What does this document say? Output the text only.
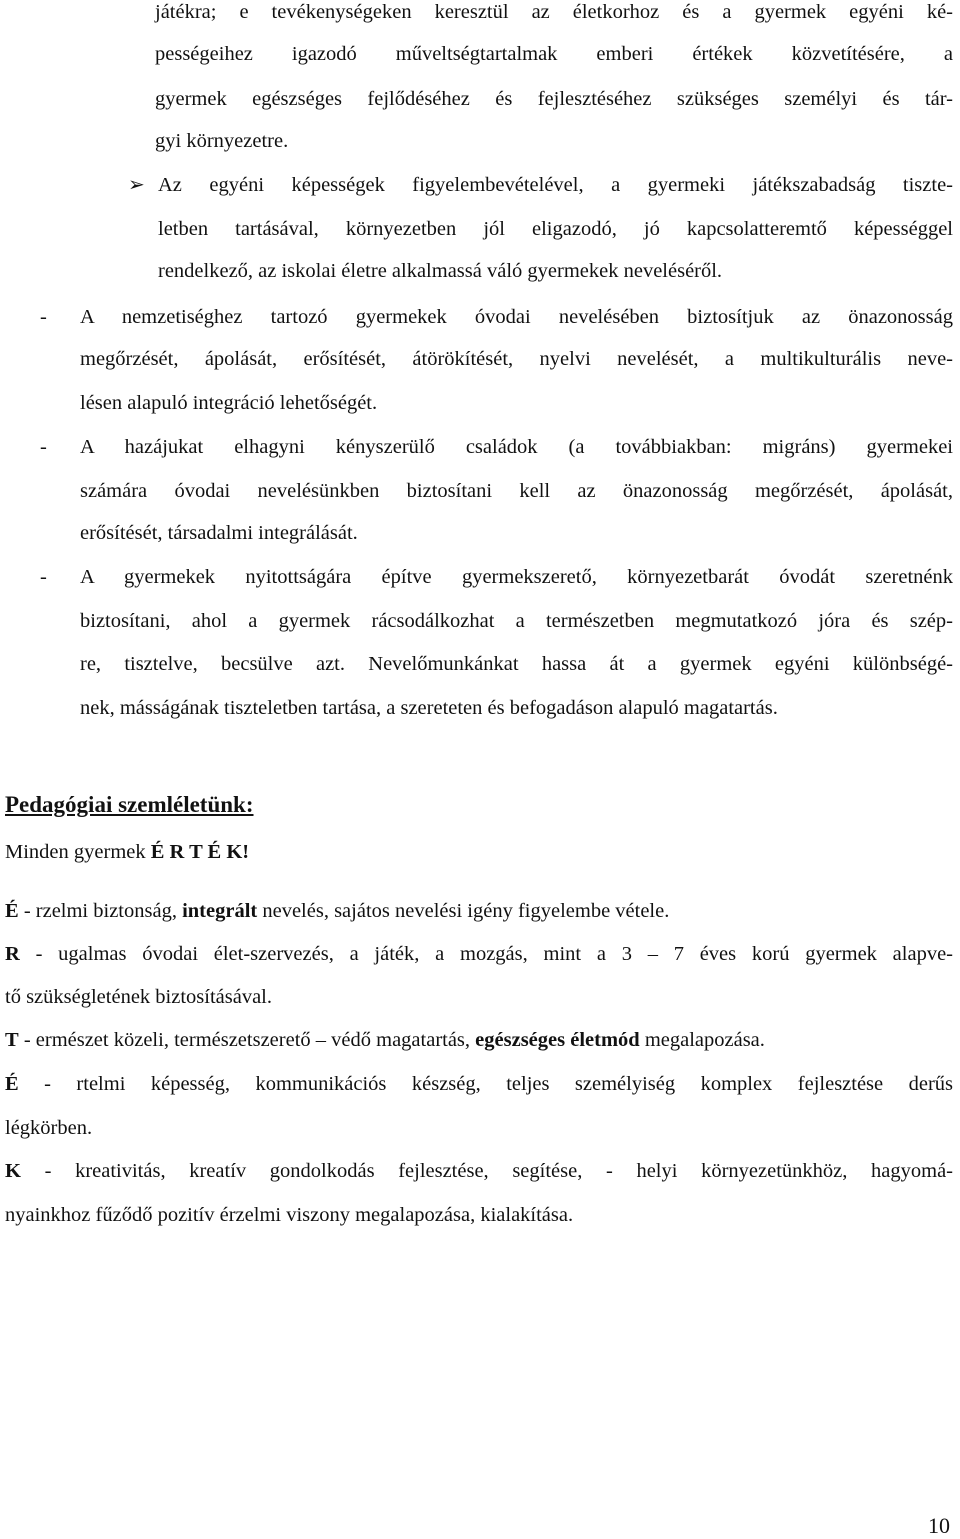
játékra; e tevékenységeken keresztül az életkorhoz és a gyermek egyéni ké-
pességeihez igazodó műveltségtartalmak emberi értékek közvetítésére, a
gyermek egészséges fejlődéséhez és fejlesztéséhez szükséges személyi és tár-
gyi környezetre.
➢ Az egyéni képességek figyelembevételével, a gyermeki játékszabadság tiszte-
letben tartásával, környezetben jól eligazodó, jó kapcsolatteremtő képességgel
rendelkező, az iskolai életre alkalmassá váló gyermekek neveléséről.
- A nemzetiséghez tartozó gyermekek óvodai nevelésében biztosítjuk az önazonosság
megőrzését, ápolását, erősítését, átörökítését, nyelvi nevelését, a multikulturális neve-
lésen alapuló integráció lehetőségét.
- A hazájukat elhagyni kényszerülő családok (a továbbiakban: migráns) gyermekei
számára óvodai nevelésünkben biztosítani kell az önazonosság megőrzését, ápolását,
erősítését, társadalmi integrálását.
- A gyermekek nyitottságára építve gyermekszerető, környezetbarát óvodát szeretnénk
biztosítani, ahol a gyermek rácsodálkozhat a természetben megmutatkozó jóra és szép-
re, tisztelve, becsülve azt. Nevelőmunkánkat hassa át a gyermek egyéni különbségé-
nek, másságának tiszteletben tartása, a szereteten és befogadáson alapuló magatartás.
Pedagógiai szemléletünk:
Minden gyermek É R T É K!
É - rzelmi biztonság, integrált nevelés, sajátos nevelési igény figyelembe vétele.
R - ugalmas óvodai élet-szervezés, a játék, a mozgás, mint a 3 – 7 éves korú gyermek alapve-
tő szükségletének biztosításával.
T - ermészet közeli, természetszerető – védő magatartás, egészséges életmód megalapozása.
É - rtelmi képesség, kommunikációs készség, teljes személyiség komplex fejlesztése derűs
légkörben.
K - kreativitás, kreatív gondolkodás fejlesztése, segítése, - helyi környezetünkhöz, hagyomá-
nyainkhoz fűződő pozitív érzelmi viszony megalapozása, kialakítása.
10
